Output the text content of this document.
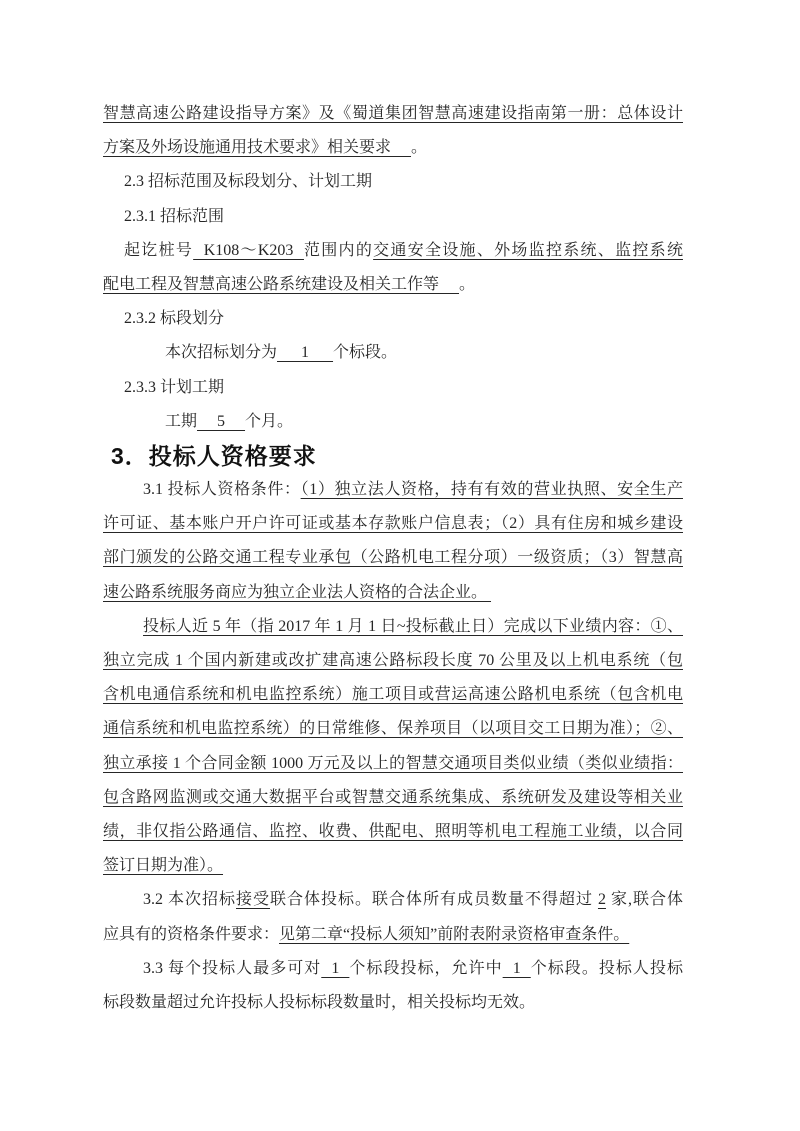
智慧高速公路建设指导方案》及《蜀道集团智慧高速建设指南第一册：总体设计
方案及外场设施通用技术要求》相关要求　 。
2.3 招标范围及标段划分、计划工期
2.3.1 招标范围
起讫桩号  K108～K203  范围内的交通安全设施、外场监控系统、监控系统
配电工程及智慧高速公路系统建设及相关工作等　 。
2.3.2 标段划分
本次招标划分为　  1  　个标段。
2.3.3 计划工期
工期　 5 　个月。
3．投标人资格要求
3.1 投标人资格条件：（1）独立法人资格，持有有效的营业执照、安全生产
许可证、基本账户开户许可证或基本存款账户信息表；（2）具有住房和城乡建设
部门颁发的公路交通工程专业承包（公路机电工程分项）一级资质；（3）智慧高
速公路系统服务商应为独立企业法人资格的合法企业。
投标人近 5 年（指 2017 年 1 月 1 日~投标截止日）完成以下业绩内容：①、
独立完成 1 个国内新建或改扩建高速公路标段长度 70 公里及以上机电系统（包
含机电通信系统和机电监控系统）施工项目或营运高速公路机电系统（包含机电
通信系统和机电监控系统）的日常维修、保养项目（以项目交工日期为准）；②、
独立承接 1 个合同金额 1000 万元及以上的智慧交通项目类似业绩（类似业绩指：
包含路网监测或交通大数据平台或智慧交通系统集成、系统研发及建设等相关业
绩，非仅指公路通信、监控、收费、供配电、照明等机电工程施工业绩，以合同
签订日期为准）。
3.2 本次招标接受联合体投标。联合体所有成员数量不得超过 2 家,联合体
应具有的资格条件要求：见第二章“投标人须知”前附表附录资格审查条件。
3.3 每个投标人最多可对  1  个标段投标，允许中  1  个标段。投标人投标
标段数量超过允许投标人投标标段数量时，相关投标均无效。
